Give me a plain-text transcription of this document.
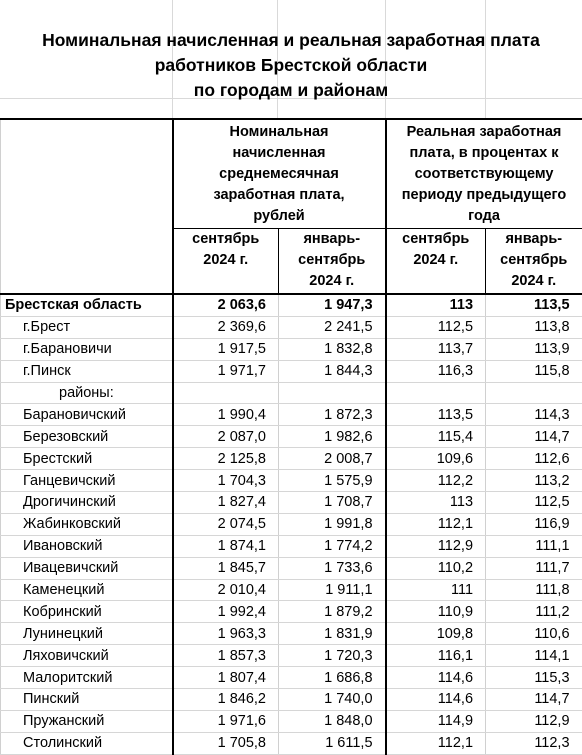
Номинальная начисленная и реальная заработная плата
работников Брестской области
по городам и районам

	Номинальная начисленная среднемесячная заработная плата, рублей		Реальная заработная плата, в процентах к соответствующему периоду предыдущего года	

	сентябрь 2024 г.	январь-сентябрь 2024 г.	сентябрь 2024 г.	январь-сентябрь 2024 г.

Брестская область	2 063,6	1 947,3	113	113,5
г.Брест	2 369,6	2 241,5	112,5	113,8
г.Барановичи	1 917,5	1 832,8	113,7	113,9
г.Пинск	1 971,7	1 844,3	116,3	115,8
районы:				
Барановичский	1 990,4	1 872,3	113,5	114,3
Березовский	2 087,0	1 982,6	115,4	114,7
Брестский	2 125,8	2 008,7	109,6	112,6
Ганцевичский	1 704,3	1 575,9	112,2	113,2
Дрогичинский	1 827,4	1 708,7	113	112,5
Жабинковский	2 074,5	1 991,8	112,1	116,9
Ивановский	1 874,1	1 774,2	112,9	111,1
Ивацевичский	1 845,7	1 733,6	110,2	111,7
Каменецкий	2 010,4	1 911,1	111	111,8
Кобринский	1 992,4	1 879,2	110,9	111,2
Лунинецкий	1 963,3	1 831,9	109,8	110,6
Ляховичский	1 857,3	1 720,3	116,1	114,1
Малоритский	1 807,4	1 686,8	114,6	115,3
Пинский	1 846,2	1 740,0	114,6	114,7
Пружанский	1 971,6	1 848,0	114,9	112,9
Столинский	1 705,8	1 611,5	112,1	112,3
